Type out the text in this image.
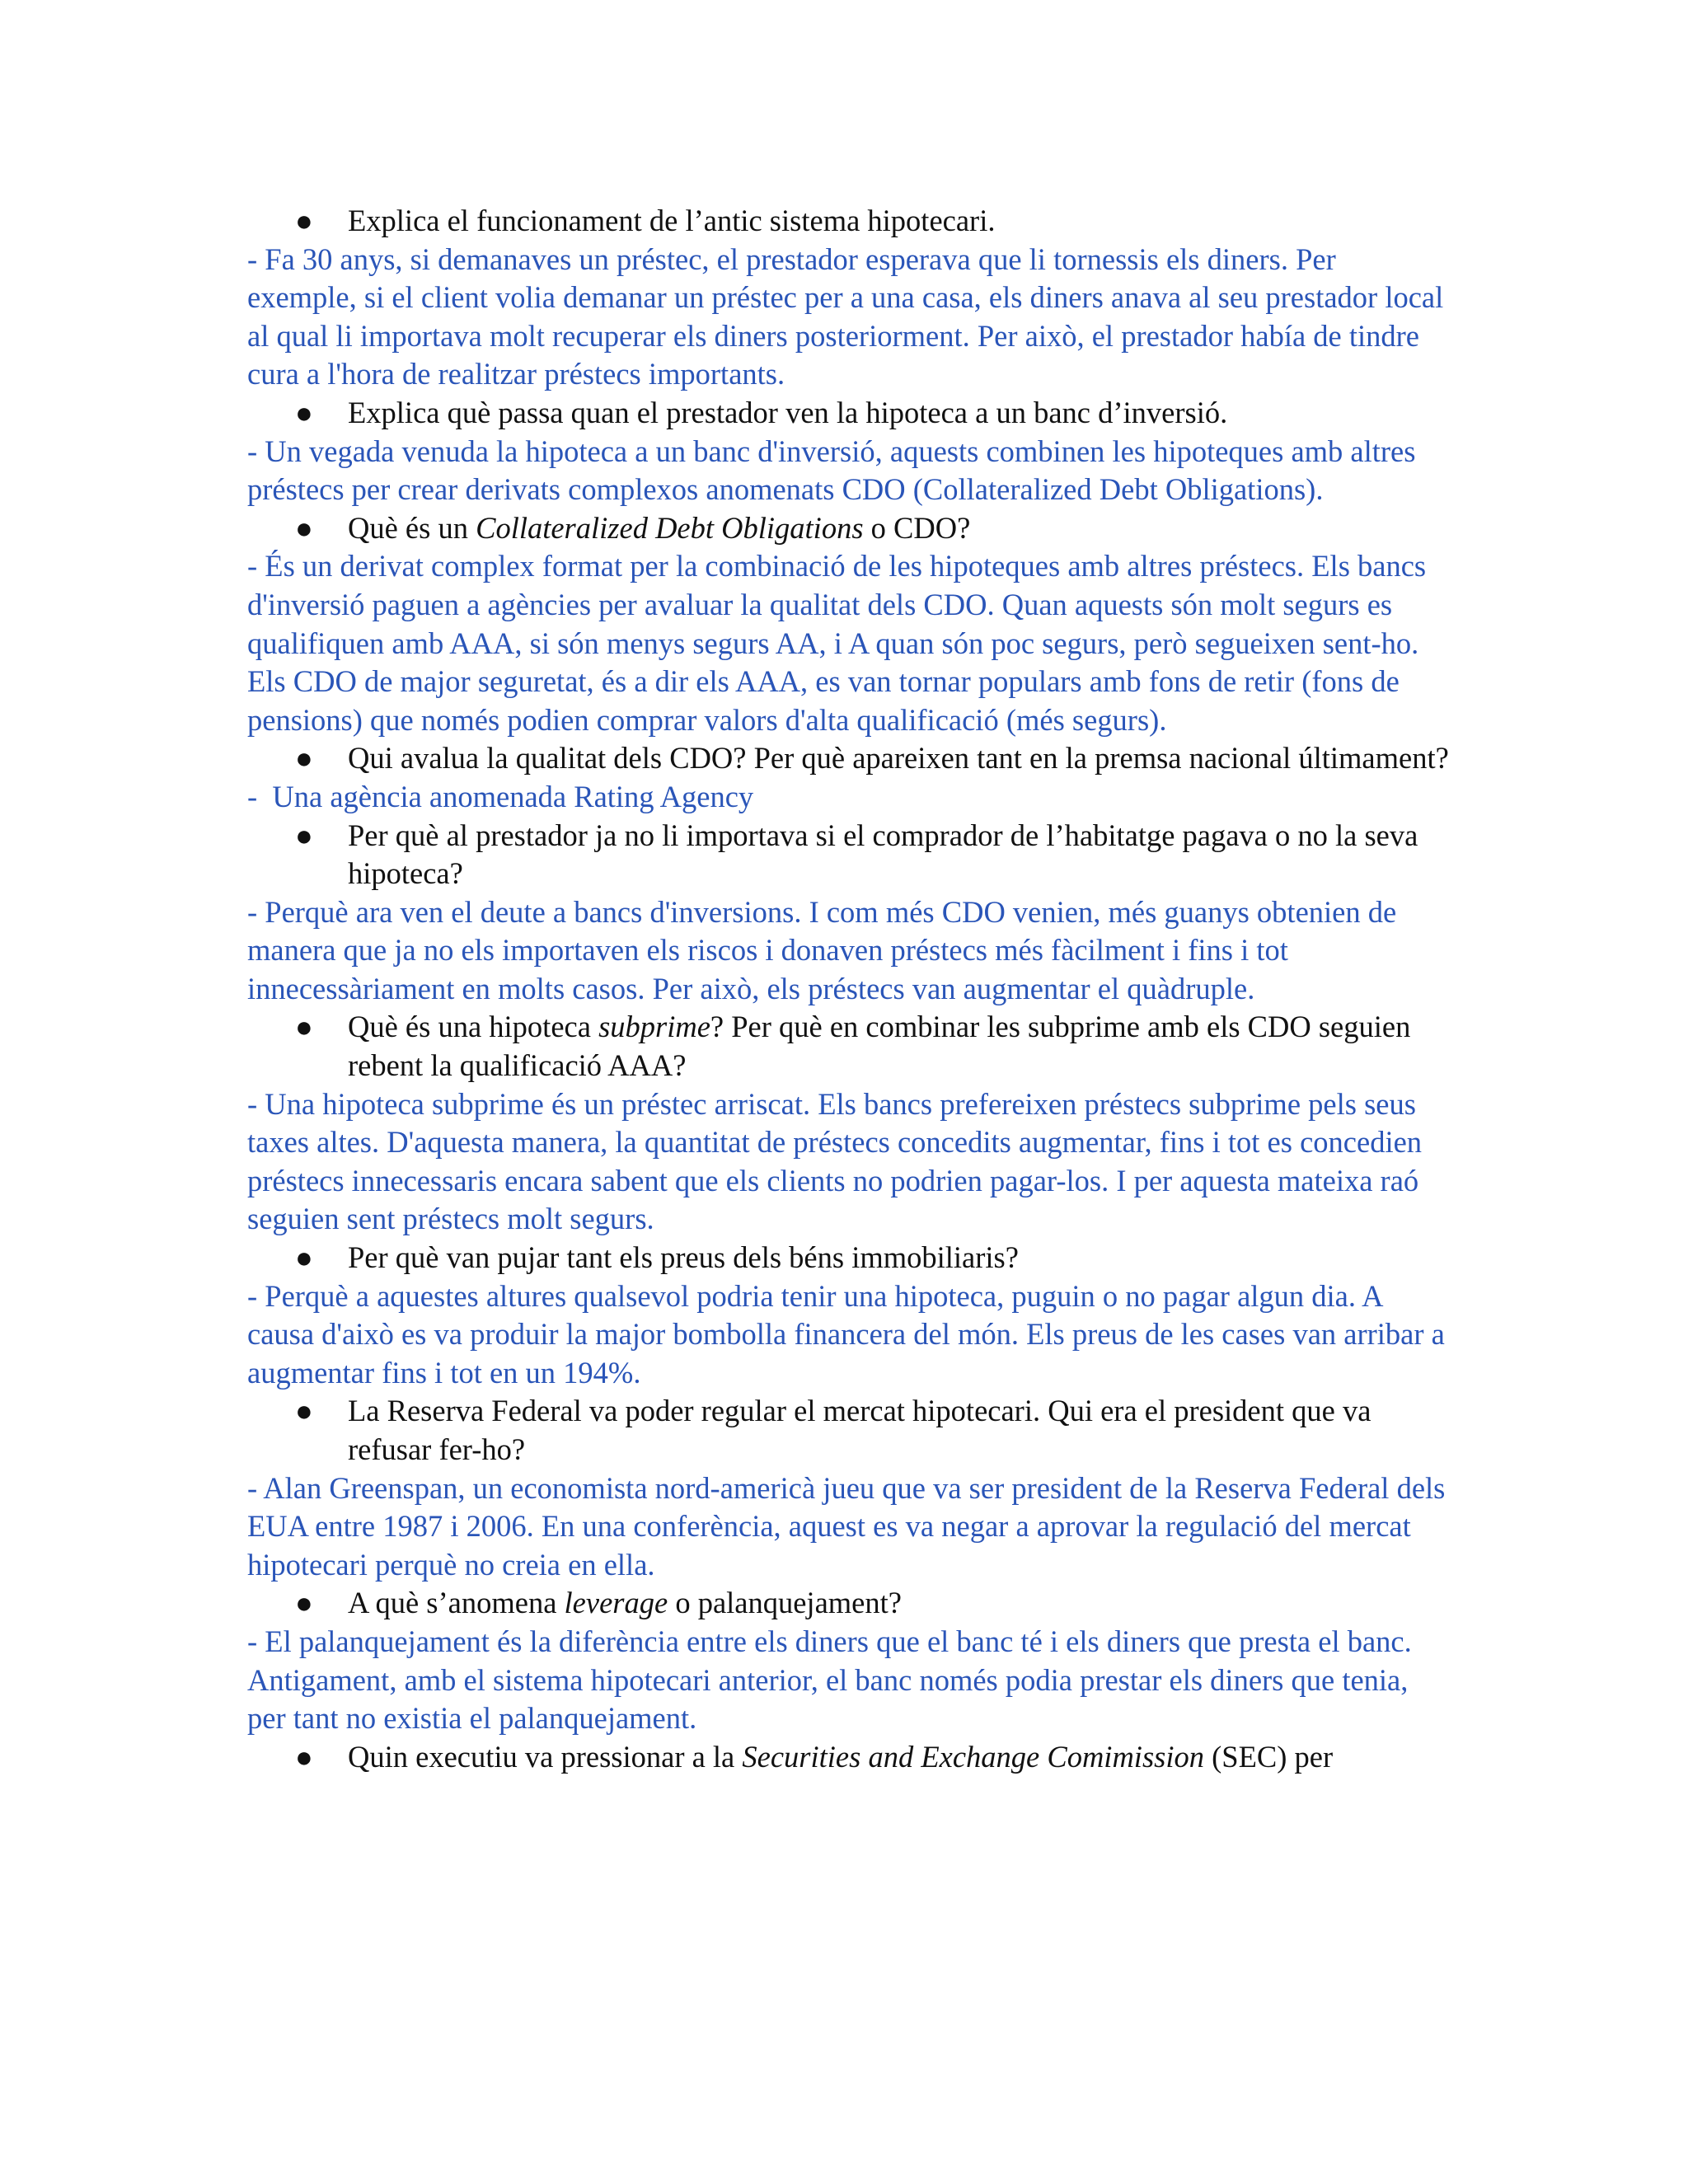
● Explica el funcionament de l’antic sistema hipotecari.

- Fa 30 anys, si demanaves un préstec, el prestador esperava que li tornessis els diners. Per exemple, si el client volia demanar un préstec per a una casa, els diners anava al seu prestador local al qual li importava molt recuperar els diners posteriorment. Per això, el prestador había de tindre cura a l'hora de realitzar préstecs importants.

● Explica què passa quan el prestador ven la hipoteca a un banc d’inversió.

- Un vegada venuda la hipoteca a un banc d'inversió, aquests combinen les hipoteques amb altres préstecs per crear derivats complexos anomenats CDO (Collateralized Debt Obligations).

● Què és un Collateralized Debt Obligations o CDO?

- És un derivat complex format per la combinació de les hipoteques amb altres préstecs. Els bancs d'inversió paguen a agències per avaluar la qualitat dels CDO. Quan aquests són molt segurs es qualifiquen amb AAA, si són menys segurs AA, i A quan són poc segurs, però segueixen sent-ho.

Els CDO de major seguretat, és a dir els AAA, es van tornar populars amb fons de retir (fons de pensions) que només podien comprar valors d'alta qualificació (més segurs).

● Qui avalua la qualitat dels CDO? Per què apareixen tant en la premsa nacional últimament?

-  Una agència anomenada Rating Agency

● Per què al prestador ja no li importava si el comprador de l’habitatge pagava o no la seva hipoteca?

- Perquè ara ven el deute a bancs d'inversions. I com més CDO venien, més guanys obtenien de manera que ja no els importaven els riscos i donaven préstecs més fàcilment i fins i tot innecessàriament en molts casos. Per això, els préstecs van augmentar el quàdruple.

● Què és una hipoteca subprime? Per què en combinar les subprime amb els CDO seguien rebent la qualificació AAA?

- Una hipoteca subprime és un préstec arriscat. Els bancs prefereixen préstecs subprime pels seus taxes altes. D'aquesta manera, la quantitat de préstecs concedits augmentar, fins i tot es concedien préstecs innecessaris encara sabent que els clients no podrien pagar-los. I per aquesta mateixa raó seguien sent préstecs molt segurs.

● Per què van pujar tant els preus dels béns immobiliaris?

- Perquè a aquestes altures qualsevol podria tenir una hipoteca, puguin o no pagar algun dia. A causa d'això es va produir la major bombolla financera del món. Els preus de les cases van arribar a augmentar fins i tot en un 194%.

● La Reserva Federal va poder regular el mercat hipotecari. Qui era el president que va refusar fer-ho?

- Alan Greenspan, un economista nord-americà jueu que va ser president de la Reserva Federal dels EUA entre 1987 i 2006. En una conferència, aquest es va negar a aprovar la regulació del mercat hipotecari perquè no creia en ella.

● A què s’anomena leverage o palanquejament?

- El palanquejament és la diferència entre els diners que el banc té i els diners que presta el banc. Antigament, amb el sistema hipotecari anterior, el banc només podia prestar els diners que tenia, per tant no existia el palanquejament.

● Quin executiu va pressionar a la Securities and Exchange Comimission (SEC) per
